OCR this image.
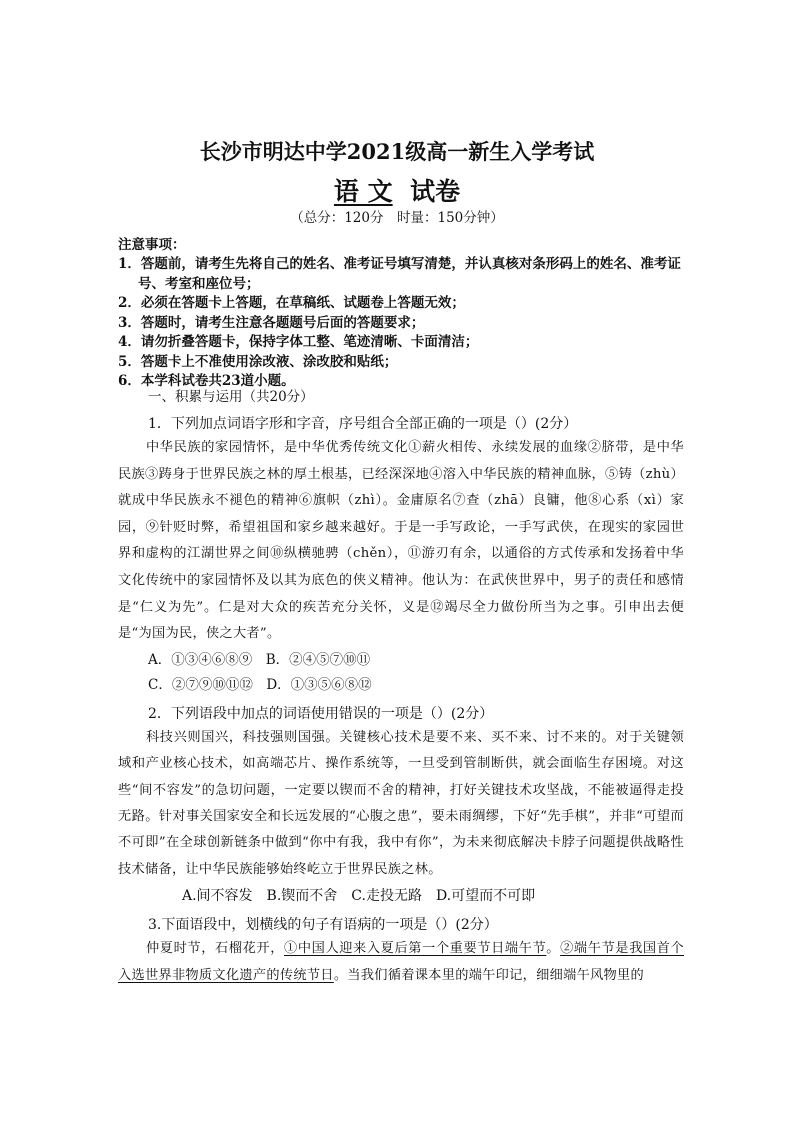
长沙市明达中学2021级高一新生入学考试
语 文 试卷
（总分：120分　时量：150分钟）
注意事项：
1．答题前，请考生先将自己的姓名、准考证号填写清楚，并认真核对条形码上的姓名、准考证号、考室和座位号；
2．必须在答题卡上答题，在草稿纸、试题卷上答题无效；
3．答题时，请考生注意各题题号后面的答题要求；
4．请勿折叠答题卡，保持字体工整、笔迹清晰、卡面清洁；
5．答题卡上不准使用涂改液、涂改胶和贴纸；
6．本学科试卷共23道小题。
一、积累与运用（共20分）
1．下列加点词语字形和字音，序号组合全部正确的一项是（）(2分）
中华民族的家园情怀，是中华优秀传统文化①薪火相传、永续发展的血缘②脐带，是中华民族③踌身于世界民族之林的厚土根基，已经深深地④溶入中华民族的精神血脉，⑤铸（zhù）就成中华民族永不褪色的精神⑥旗帜（zhì）。金庸原名⑦查（zhā）良镛，他⑧心系（xì）家园，⑨针贬时弊，希望祖国和家乡越来越好。于是一手写政论，一手写武侠，在现实的家园世界和虚构的江湖世界之间⑩纵横驰骋（chěn），⑪游刃有余，以通俗的方式传承和发扬着中华文化传统中的家园情怀及以其为底色的侠义精神。他认为：在武侠世界中，男子的责任和感情是“仁义为先”。仁是对大众的疾苦充分关怀，义是⑫竭尽全力做份所当为之事。引申出去便是“为国为民，侠之大者”。
A．①③④⑥⑧⑨　B．②④⑤⑦⑩⑪
C．②⑦⑨⑩⑪⑫　D．①③⑤⑥⑧⑫
2．下列语段中加点的词语使用错误的一项是（）(2分）
科技兴则国兴，科技强则国强。关键核心技术是要不来、买不来、讨不来的。对于关键领域和产业核心技术，如高端芯片、操作系统等，一旦受到管制断供，就会面临生存困境。对这些“间不容发”的急切问题，一定要以锲而不舍的精神，打好关键技术攻坚战，不能被逼得走投无路。针对事关国家安全和长远发展的“心腹之患”，要未雨绸缪，下好“先手棋”，并非“可望而不可即”在全球创新链条中做到“你中有我，我中有你”，为未来彻底解决卡脖子问题提供战略性技术储备，让中华民族能够始终屹立于世界民族之林。
A.间不容发　B.锲而不舍　C.走投无路　D.可望而不可即
3.下面语段中，划横线的句子有语病的一项是（）(2分）
仲夏时节，石榴花开，①中国人迎来入夏后第一个重要节日端午节。②端午节是我国首个入选世界非物质文化遗产的传统节日。当我们循着课本里的端午印记，细细端午风物里的
